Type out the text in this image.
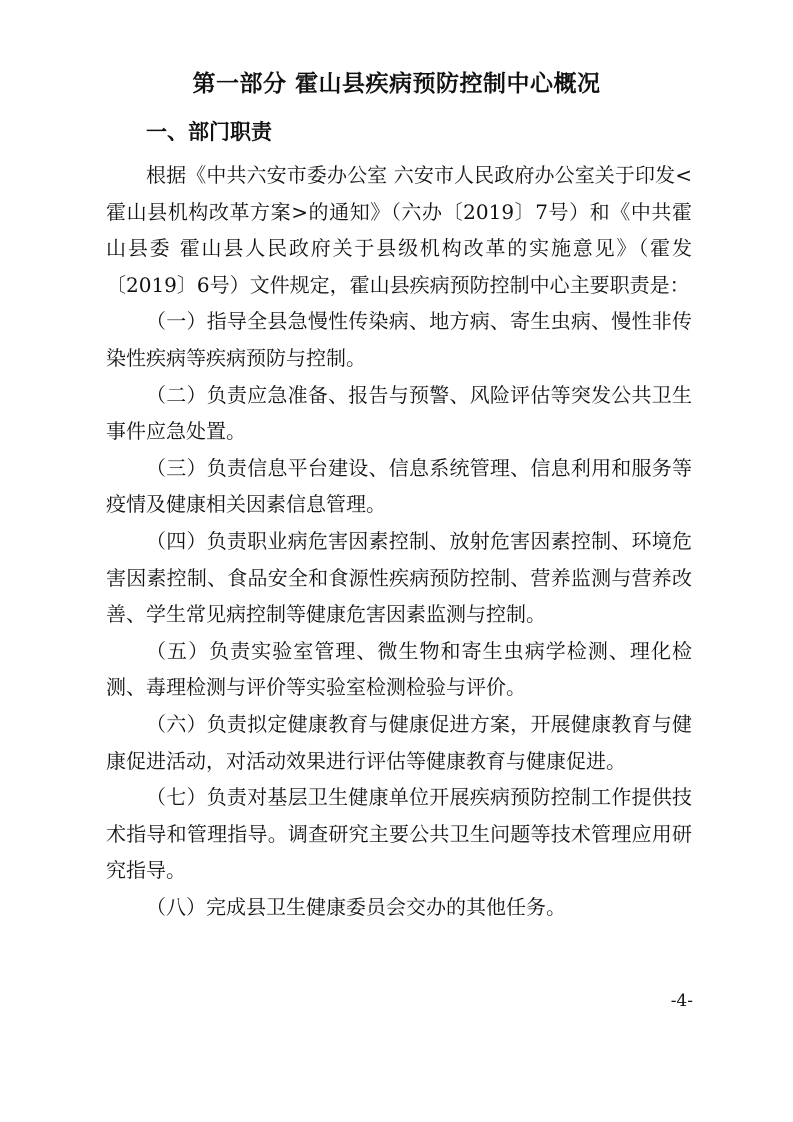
第一部分 霍山县疾病预防控制中心概况
一、部门职责

根据《中共六安市委办公室 六安市人民政府办公室关于印发<霍山县机构改革方案>的通知》（六办〔2019〕7号）和《中共霍山县委 霍山县人民政府关于县级机构改革的实施意见》（霍发〔2019〕6号）文件规定，霍山县疾病预防控制中心主要职责是：

（一）指导全县急慢性传染病、地方病、寄生虫病、慢性非传染性疾病等疾病预防与控制。

（二）负责应急准备、报告与预警、风险评估等突发公共卫生事件应急处置。

（三）负责信息平台建设、信息系统管理、信息利用和服务等疫情及健康相关因素信息管理。

（四）负责职业病危害因素控制、放射危害因素控制、环境危害因素控制、食品安全和食源性疾病预防控制、营养监测与营养改善、学生常见病控制等健康危害因素监测与控制。

（五）负责实验室管理、微生物和寄生虫病学检测、理化检测、毒理检测与评价等实验室检测检验与评价。

（六）负责拟定健康教育与健康促进方案，开展健康教育与健康促进活动，对活动效果进行评估等健康教育与健康促进。

（七）负责对基层卫生健康单位开展疾病预防控制工作提供技术指导和管理指导。调查研究主要公共卫生问题等技术管理应用研究指导。

（八）完成县卫生健康委员会交办的其他任务。

-4-
